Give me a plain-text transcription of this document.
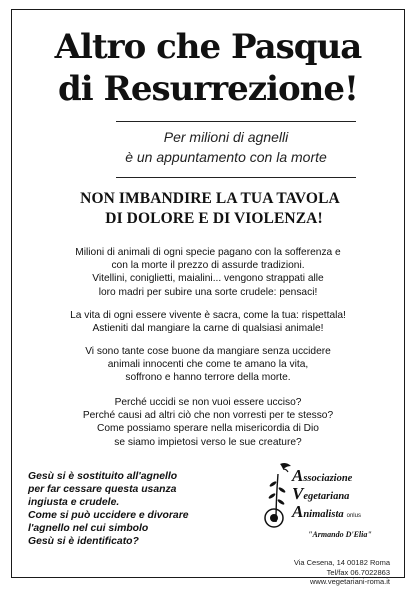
Altro che Pasqua
di Resurrezione!
Per milioni di agnelli
è un appuntamento con la morte
NON IMBANDIRE LA TUA TAVOLA
DI DOLORE E DI VIOLENZA!
Milioni di animali di ogni specie pagano con la sofferenza e
con la morte il prezzo di assurde tradizioni.
Vitellini, coniglietti, maialini... vengono strappati alle
loro madri per subire una sorte crudele: pensaci!
La vita di ogni essere vivente è sacra, come la tua: rispettala!
Astieniti dal mangiare la carne di qualsiasi animale!
Vi sono tante cose buone da mangiare senza uccidere
animali innocenti che come te amano la vita,
soffrono e hanno terrore della morte.
Perché uccidi se non vuoi essere ucciso?
Perché causi ad altri ciò che non vorresti per te stesso?
Come possiamo sperare nella misericordia di Dio
se siamo impietosi verso le sue creature?
Gesù si è sostituito all'agnello
per far cessare questa usanza
ingiusta e crudele.
Come si può uccidere e divorare
l'agnello nel cui simbolo
Gesù si è identificato?
Associazione
Vegetariana
Animalista onlus
"Armando D'Elia"
Via Cesena, 14 00182 Roma
Tel/fax 06.7022863
www.vegetariani-roma.it
